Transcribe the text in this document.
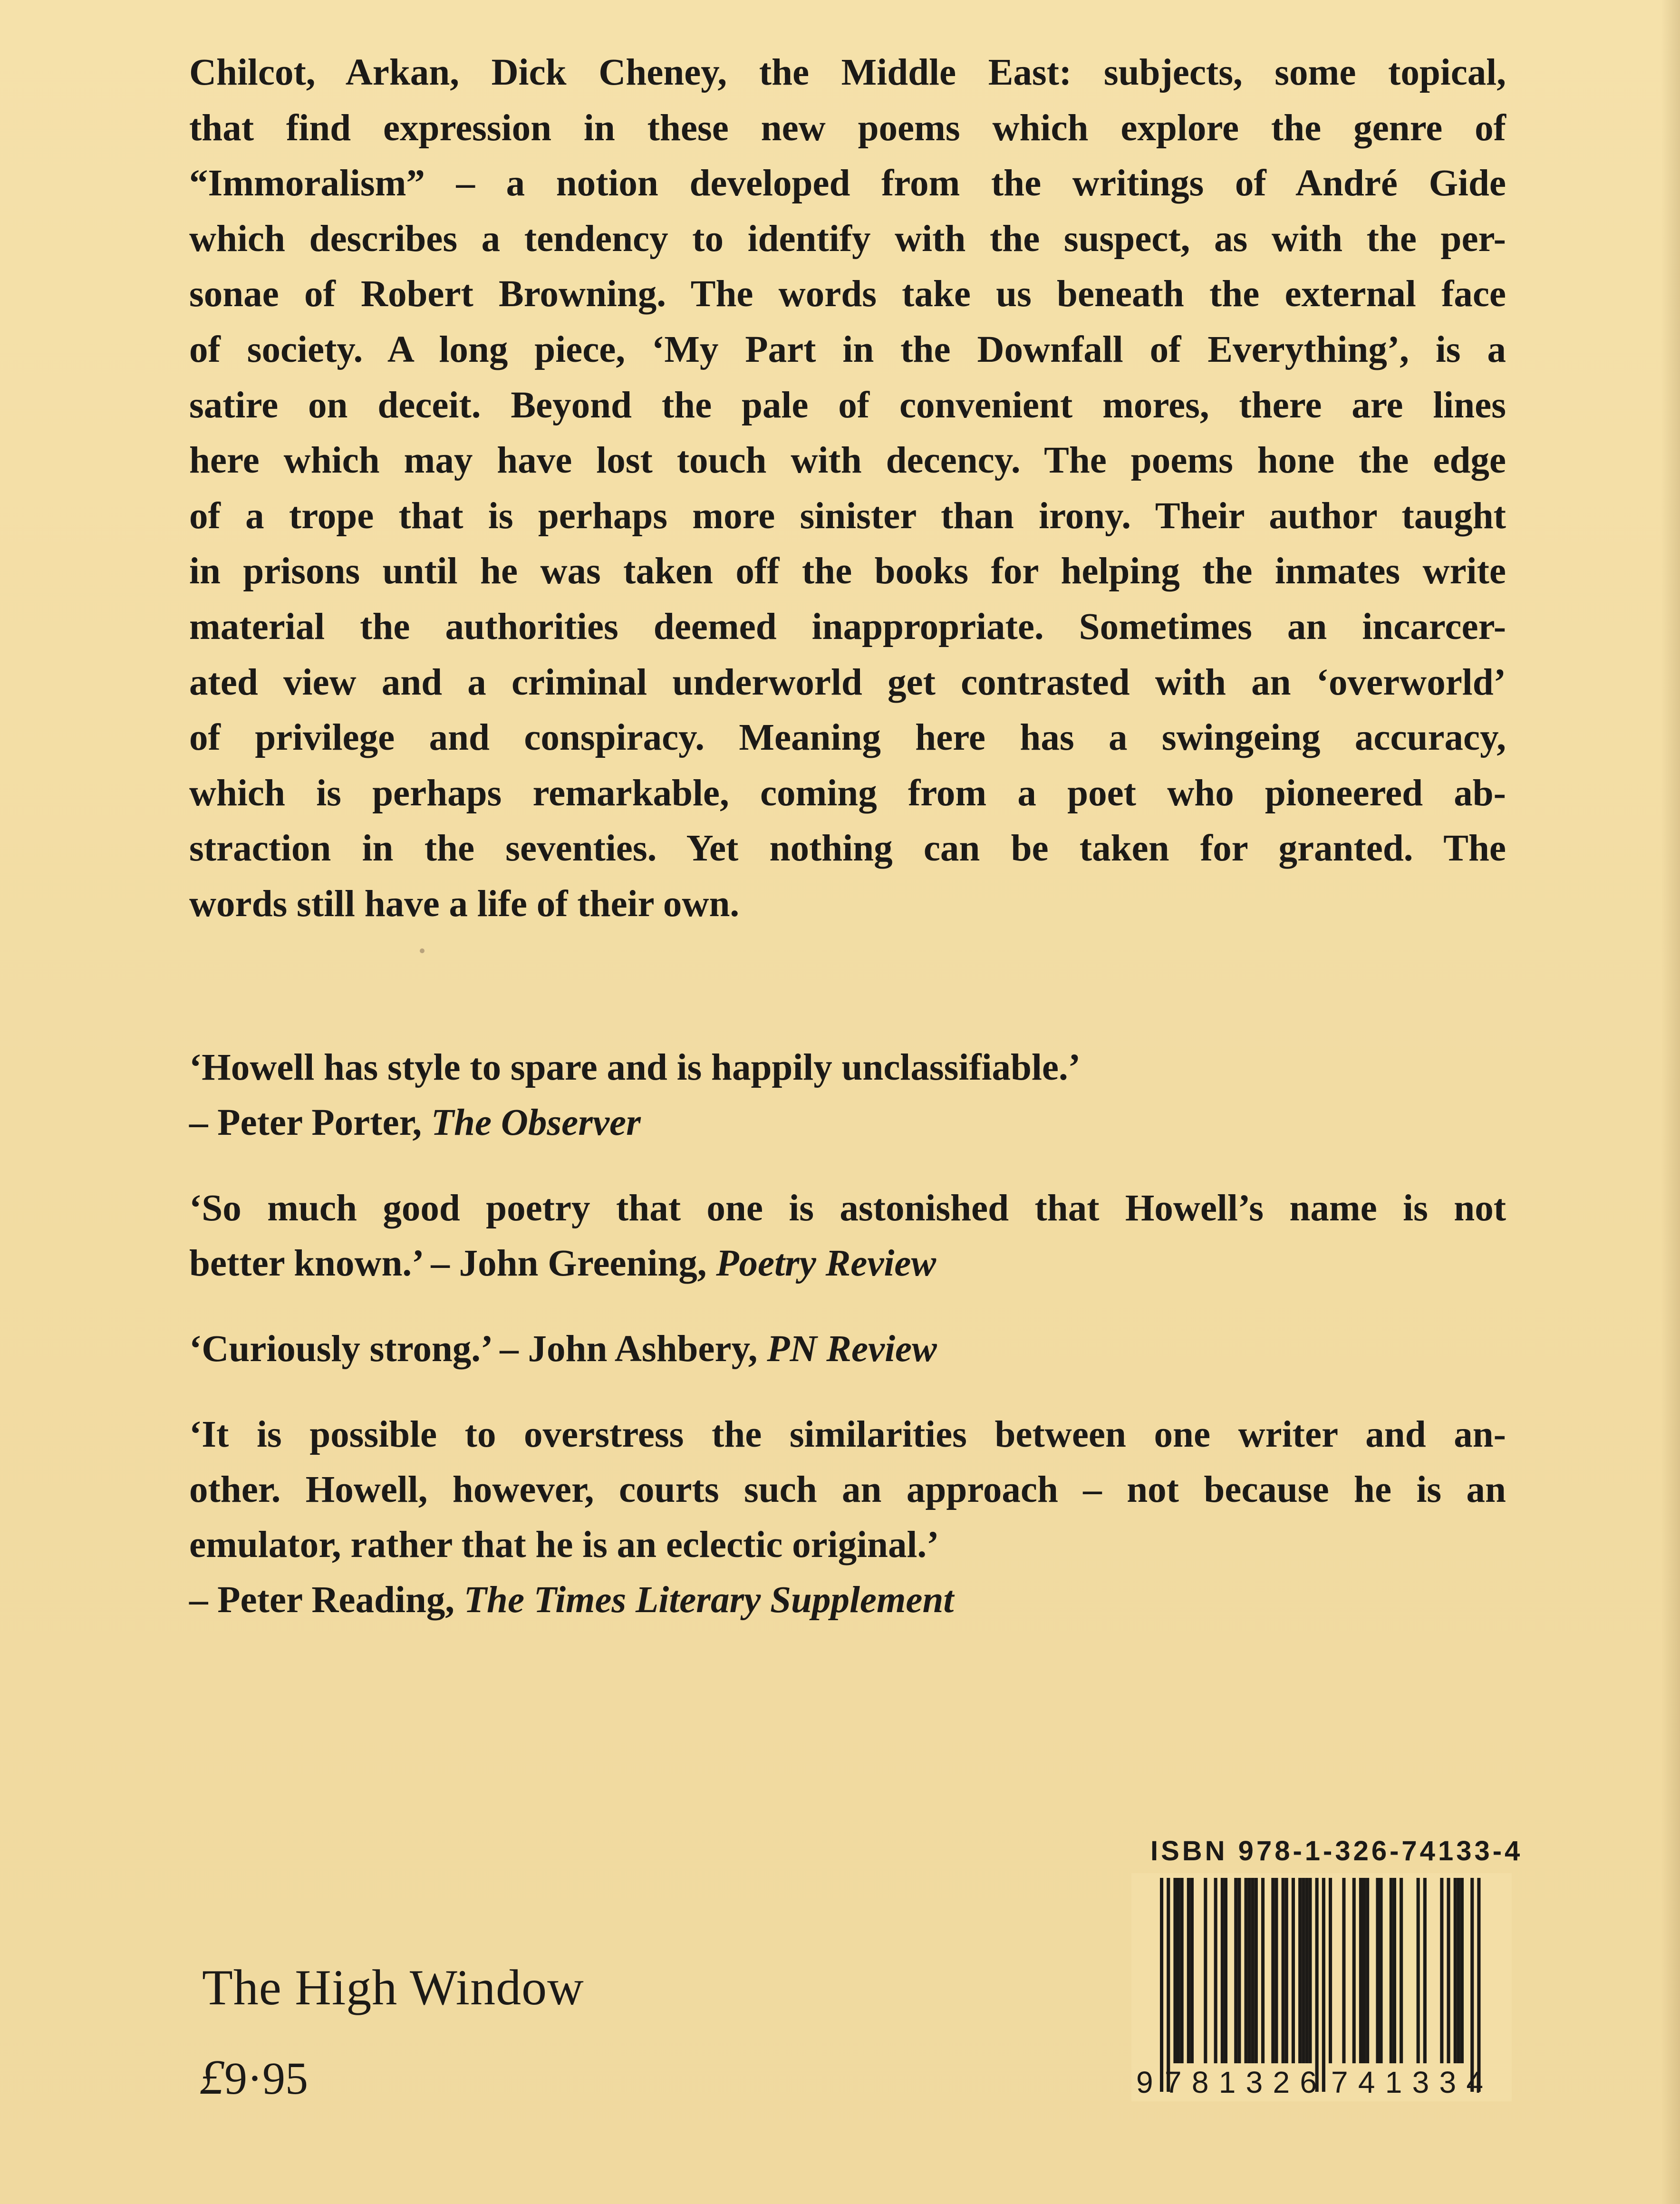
Chilcot, Arkan, Dick Cheney, the Middle East: subjects, some topical,
that find expression in these new poems which explore the genre of
“Immoralism” – a notion developed from the writings of André Gide
which describes a tendency to identify with the suspect, as with the per-
sonae of Robert Browning. The words take us beneath the external face
of society. A long piece, ‘My Part in the Downfall of Everything’, is a
satire on deceit. Beyond the pale of convenient mores, there are lines
here which may have lost touch with decency. The poems hone the edge
of a trope that is perhaps more sinister than irony. Their author taught
in prisons until he was taken off the books for helping the inmates write
material the authorities deemed inappropriate. Sometimes an incarcer-
ated view and a criminal underworld get contrasted with an ‘overworld’
of privilege and conspiracy. Meaning here has a swingeing accuracy,
which is perhaps remarkable, coming from a poet who pioneered ab-
straction in the seventies. Yet nothing can be taken for granted. The
words still have a life of their own.
‘Howell has style to spare and is happily unclassifiable.’
– Peter Porter, The Observer
‘So much good poetry that one is astonished that Howell’s name is not
better known.’ – John Greening, Poetry Review
‘Curiously strong.’ – John Ashbery, PN Review
‘It is possible to overstress the similarities between one writer and an-
other. Howell, however, courts such an approach – not because he is an
emulator, rather that he is an eclectic original.’
– Peter Reading, The Times Literary Supplement
The High Window
£9·95
ISBN 978-1-326-74133-4
9 781326 741334
